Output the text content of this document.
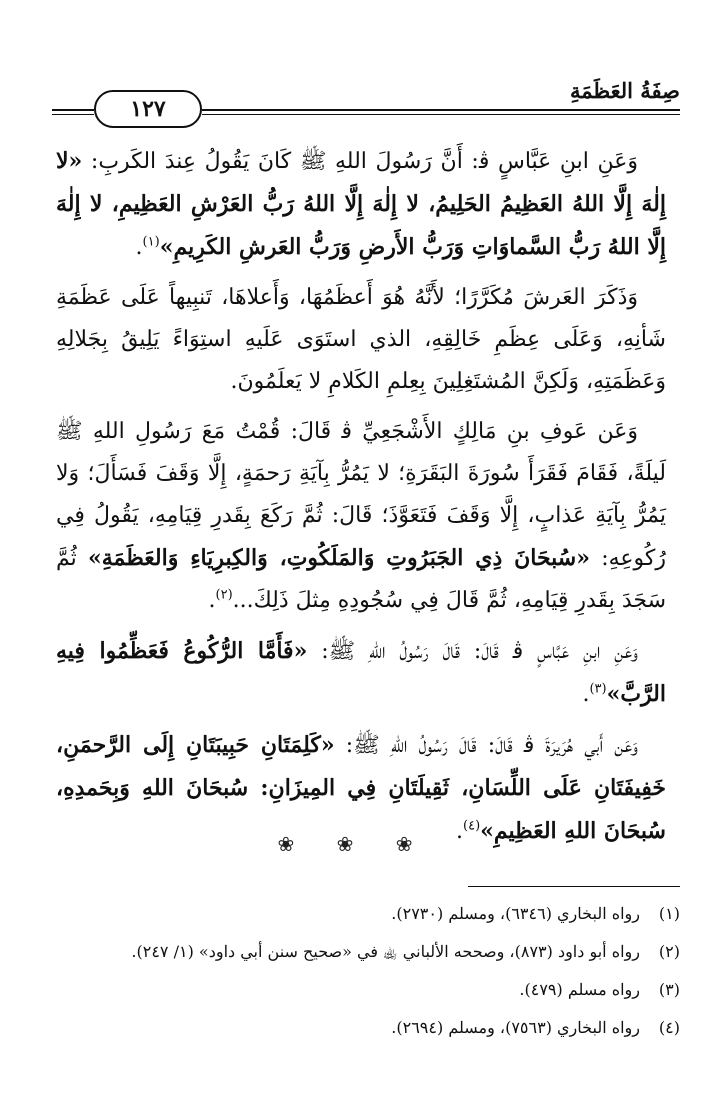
١٢٧
صِفَةُ العَظَمَةِ

وَعَنِ ابنِ عَبَّاسٍ ﭬ: أَنَّ رَسُولَ اللهِ ﷺ كَانَ يَقُولُ عِندَ الكَربِ: «لا إِلٰهَ إِلَّا اللهُ العَظِيمُ الحَلِيمُ، لا إِلٰهَ إِلَّا اللهُ رَبُّ العَرْشِ العَظِيمِ، لا إِلٰهَ إِلَّا اللهُ رَبُّ السَّماوَاتِ وَرَبُّ الأَرضِ وَرَبُّ العَرشِ الكَرِيمِ»$^{(١)}$.

وَذَكَرَ العَرشَ مُكَرَّرًا؛ لأَنَّهُ هُوَ أَعظَمُهَا، وَأَعلاهَا، تَنبِيهاً عَلَى عَظَمَةِ شَأنِهِ، وَعَلَى عِظَمِ خَالِقِهِ، الذي استَوَى عَلَيهِ استِوَاءً يَلِيقُ بِجَلالِهِ وَعَظَمَتِهِ، وَلَكِنَّ المُشتَغِلِينَ بِعِلمِ الكَلامِ لا يَعلَمُونَ.

وَعَن عَوفِ بنِ مَالِكٍ الأَشْجَعِيِّ ﭬ قَالَ: قُمْتُ مَعَ رَسُولِ اللهِ ﷺ لَيلَةً، فَقَامَ فَقَرَأَ سُورَةَ البَقَرَةِ؛ لا يَمُرُّ بِآيَةِ رَحمَةٍ، إِلَّا وَقَفَ فَسَأَلَ؛ وَلا يَمُرُّ بِآيَةِ عَذابٍ، إِلَّا وَقَفَ فَتَعَوَّذَ؛ قَالَ: ثُمَّ رَكَعَ بِقَدرِ قِيَامِهِ، يَقُولُ فِي رُكُوعِهِ: «سُبحَانَ ذِي الجَبَرُوتِ وَالمَلَكُوتِ، وَالكِبرِيَاءِ وَالعَظَمَةِ» ثُمَّ سَجَدَ بِقَدرِ قِيَامِهِ، ثُمَّ قَالَ فِي سُجُودِهِ مِثلَ ذَلِكَ...$^{(٢)}$.

وَعَنِ ابنِ عَبَّاسٍ ﭬ قَالَ: قَالَ رَسُولُ اللهِ ﷺ: «فَأَمَّا الرُّكُوعُ فَعَظِّمُوا فِيهِ الرَّبَّ»$^{(٣)}$.

وَعَن أَبي هُرَيرَةَ ﭬ قَالَ: قَالَ رَسُولُ اللهِ ﷺ: «كَلِمَتَانِ حَبِيبَتَانِ إِلَى الرَّحمَنِ، خَفِيفَتَانِ عَلَى اللِّسَانِ، ثَقِيلَتَانِ فِي المِيزَانِ: سُبحَانَ اللهِ وَبِحَمدِهِ، سُبحَانَ اللهِ العَظِيمِ»$^{(٤)}$.

❀ ❀ ❀

(١)
رواه البخاري (٦٣٤٦)، ومسلم (٢٧٣٠).

(٢)
رواه أبو داود (٨٧٣)، وصححه الألباني ﵀ في «صحيح سنن أبي داود» (١/ ٢٤٧).

(٣)
رواه مسلم (٤٧٩).

(٤)
رواه البخاري (٧٥٦٣)، ومسلم (٢٦٩٤).
